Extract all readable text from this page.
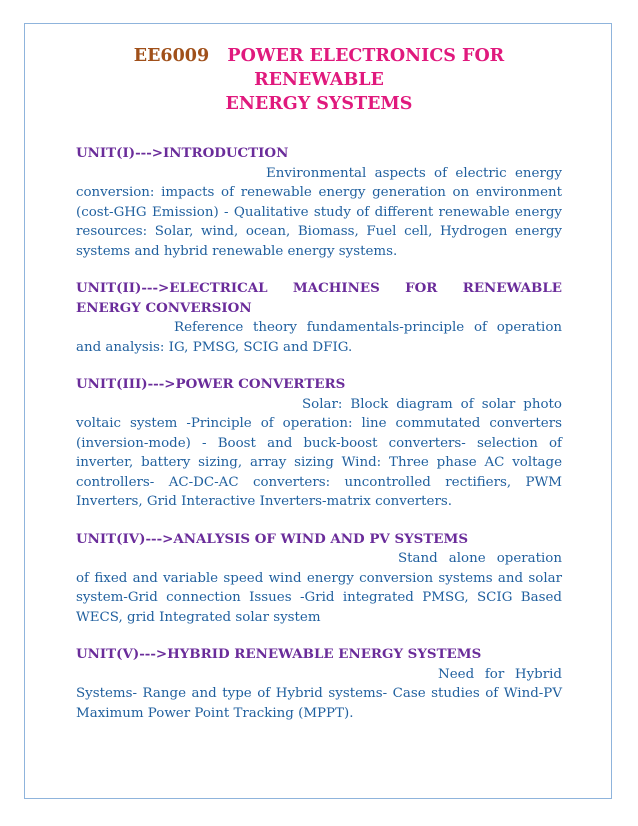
EE6009 POWER ELECTRONICS FOR RENEWABLE
ENERGY SYSTEMS

UNIT(I)--->INTRODUCTION

Environmental aspects of electric energy conversion: impacts of renewable energy generation on environment (cost-GHG Emission) - Qualitative study of different renewable energy resources: Solar, wind, ocean, Biomass, Fuel cell, Hydrogen energy systems and hybrid renewable energy systems.

UNIT(II)--->ELECTRICAL MACHINES FOR RENEWABLE ENERGY CONVERSION

Reference theory fundamentals-principle of operation and analysis: IG, PMSG, SCIG and DFIG.

UNIT(III)--->POWER CONVERTERS

Solar: Block diagram of solar photo voltaic system -Principle of operation: line commutated converters (inversion-mode) - Boost and buck-boost converters- selection of inverter, battery sizing, array sizing Wind: Three phase AC voltage controllers- AC-DC-AC converters: uncontrolled rectifiers, PWM Inverters, Grid Interactive Inverters-matrix converters.

UNIT(IV)--->ANALYSIS OF WIND AND PV SYSTEMS

Stand alone operation of fixed and variable speed wind energy conversion systems and solar system-Grid connection Issues -Grid integrated PMSG, SCIG Based WECS, grid Integrated solar system

UNIT(V)--->HYBRID RENEWABLE ENERGY SYSTEMS

Need for Hybrid Systems- Range and type of Hybrid systems- Case studies of Wind-PV Maximum Power Point Tracking (MPPT).
